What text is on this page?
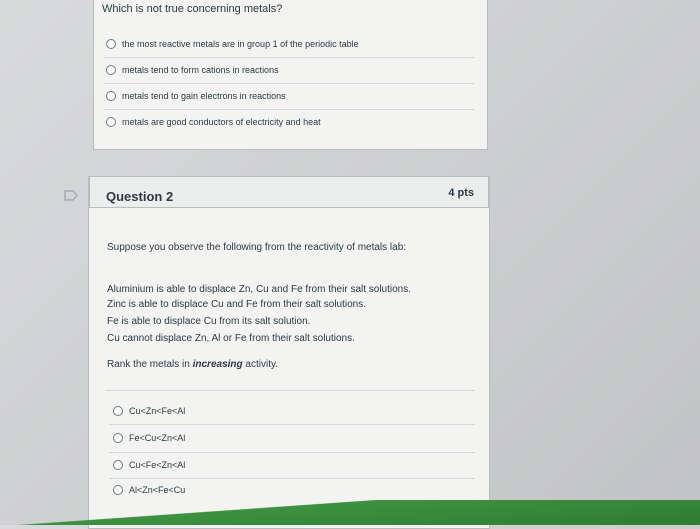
Which is not true concerning metals?
the most reactive metals are in group 1 of the periodic table
metals tend to form cations in reactions
metals tend to gain electrons in reactions
metals are good conductors of electricity and heat
Question 2	4 pts
Suppose you observe the following from the reactivity of metals lab:
Aluminium is able to displace Zn, Cu and Fe from their salt solutions.
Zinc is able to displace Cu and Fe from their salt solutions.
Fe is able to displace Cu from its salt solution.
Cu cannot displace Zn, Al or Fe from their salt solutions.
Rank the metals in increasing activity.
Cu<Zn<Fe<Al
Fe<Cu<Zn<Al
Cu<Fe<Zn<Al
Al<Zn<Fe<Cu
